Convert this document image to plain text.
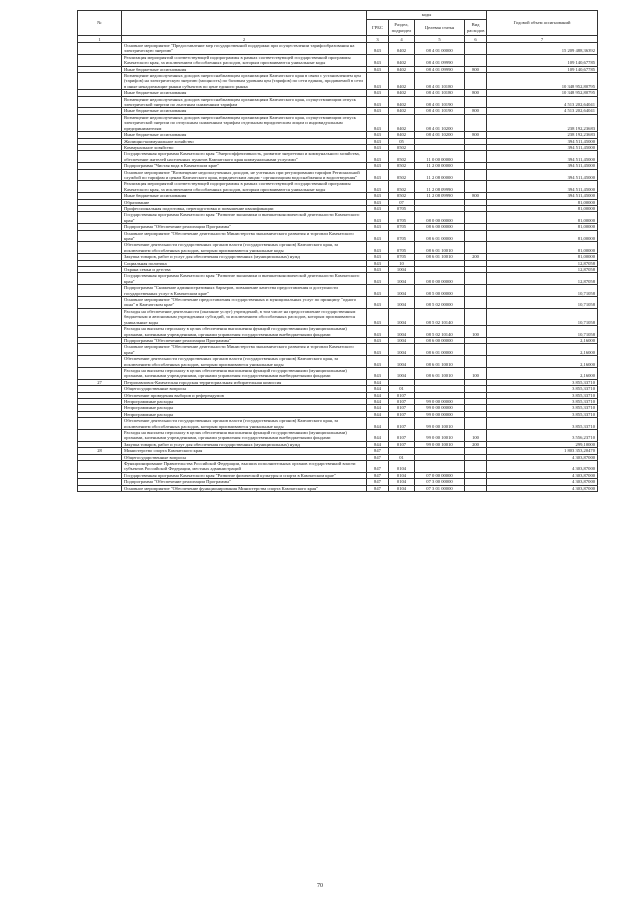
№		коды				Годовой объем ассигнований
		ГРБС	Раздел, подраздел	Целевая статья	Вид расходов	
1	2	3	4	5	6	7
	Основное мероприятие "Предоставление мер государственной поддержки при осуществлении тарифообразования на электрическую энергию"	843	0402	08 4 01 00000		15 209 488,36392
	Реализация мероприятий соответствующей подпрограммы в рамках соответствующей государственной программы Камчатского края, за исключением обособленных расходов, которым присваиваются уникальные коды	843	0402	08 4 01 09990		109 140,67785
	Иные бюджетные ассигнования	843	0402	08 4 01 09990	800	109 140,67785
	Возмещение недополученных доходов энергоснабжающим организациям Камчатского края в связи с установлением цен (тарифов) на электрическую энергию (мощность) по базовым уровням цен (тарифов) по сети единиц, продаваемой в сети в иные ненадлежащие рынки субъектов по цене единого рынка	843	0402	08 4 01 10180		10 348 952,80795
	Иные бюджетные ассигнования	843	0402	08 4 01 10180	800	10 348 952,80795
	Возмещение недополученных доходов энергоснабжающим организациям Камчатского края, осуществляющим отпуск электрической энергии по льготным сниженным тарифам	843	0402	08 4 01 10190		4 513 202,64041
	Иные бюджетные ассигнования	843	0402	08 4 01 10190	800	4 513 202,64041
	Возмещение недополученных доходов энергоснабжающим организациям Камчатского края, осуществляющим отпуск электрической энергии по отпускным сниженным тарифам отдельным юридическим лицам и индивидуальным предпринимателям	843	0402	08 4 01 10200		238 192,23683
	Иные бюджетные ассигнования	843	0402	08 4 01 10200	800	238 192,23683
	Жилищно-коммунальное хозяйство	843	05			394 511,45000
	Коммунальное хозяйство	843	0502			394 511,45000
	Государственная программа Камчатского края "Энергоэффективность, развитие энергетики и коммунального хозяйства, обеспечение жителей населенных пунктов Камчатского края коммунальными услугами"	843	0502	11 0 00 00000		394 511,45000
	Подпрограмма "Чистая вода в Камчатском крае"	843	0502	11 2 00 00000		394 511,45000
	Основное мероприятие "Возмещение недополученных доходов, не учтенных при регулировании тарифов Региональной службой по тарифам и ценам Камчатского края, юридическим лицам - организациям водоснабжения и водоотведения"	843	0502	11 2 08 00000		394 511,45000
	Реализация мероприятий соответствующей подпрограммы в рамках соответствующей государственной программы Камчатского края, за исключением обособленных расходов, которым присваиваются уникальные коды	843	0502	11 2 08 09990		394 511,45000
	Иные бюджетные ассигнования	843	0502	11 2 08 09990	800	394 511,45000
	Образование	843	07			81,00000
	Профессиональная подготовка, переподготовка и повышение квалификации	843	0705			81,00000
	Государственная программа Камчатского края "Развитие экономики и внешнеэкономической деятельности Камчатского края"	843	0705	08 0 00 00000		81,00000
	Подпрограмма "Обеспечение реализации Программы"	843	0705	08 6 00 00000		81,00000
	Основное мероприятие "Обеспечение деятельности Министерства экономического развития и торговли Камчатского края"	843	0705	08 6 01 00000		81,00000
	Обеспечение деятельности государственных органов власти (государственных органов) Камчатского края, за исключением обособленных расходов, которым присваиваются уникальные коды	843	0705	08 6 01 10010		81,00000
	Закупка товаров, работ и услуг для обеспечения государственных (муниципальных) нужд	843	0705	08 6 01 10010	200	81,00000
	Социальная политика	843	10			12,87058
	Охрана семьи и детства	843	1004			12,87058
	Государственная программа Камчатского края "Развитие экономики и внешнеэкономической деятельности Камчатского края"	843	1004	08 0 00 00000		12,87058
	Подпрограмма "Снижение административных барьеров, повышение качества предоставления и доступности государственных услуг в Камчатском крае"	843	1004	08 5 00 00000		10,71058
	Основное мероприятие "Обеспечение предоставления государственных и муниципальных услуг по принципу "одного окна" в Камчатском крае"	843	1004	08 5 02 00000		10,71058
	Расходы на обеспечение деятельности (оказание услуг) учреждений, в том числе на предоставление государственным бюджетным и автономным учреждениям субсидий, за исключением обособленных расходов, которым присваиваются уникальные коды	843	1004	08 5 02 10140		10,71058
	Расходы на выплаты персоналу в целях обеспечения выполнения функций государственными (муниципальными) органами, казенными учреждениями, органами управления государственными внебюджетными фондами	843	1004	08 5 02 10140	100	10,71058
	Подпрограмма "Обеспечение реализации Программы"	843	1004	08 6 00 00000		2,16000
	Основное мероприятие "Обеспечение деятельности Министерства экономического развития и торговли Камчатского края"	843	1004	08 6 01 00000		2,16000
	Обеспечение деятельности государственных органов власти (государственных органов) Камчатского края, за исключением обособленных расходов, которым присваиваются уникальные коды	843	1004	08 6 01 10010		2,16000
	Расходы на выплаты персоналу в целях обеспечения выполнения функций государственными (муниципальными) органами, казенными учреждениями, органами управления государственными внебюджетными фондами	843	1004	08 6 01 10010	100	2,16000
27	Петропавловск-Камчатская городская территориальная избирательная комиссия	844				3 855,33710
	Общегосударственные вопросы	844	01			3 855,33710
	Обеспечение проведения выборов и референдумов	844	0107			3 855,33710
	Непрограммные расходы	844	0107	99 0 00 00000		3 855,33710
	Непрограммные расходы	844	0107	99 0 00 00000		3 855,33710
	Непрограммные расходы	844	0107	99 0 00 00000		3 855,33710
	Обеспечение деятельности государственных органов власти (государственных органов) Камчатского края, за исключением обособленных расходов, которым присваиваются уникальные коды	844	0107	99 0 00 10010		3 855,33710
	Расходы на выплаты персоналу в целях обеспечения выполнения функций государственными (муниципальными) органами, казенными учреждениями, органами управления государственными внебюджетными фондами	844	0107	99 0 00 10010	100	3 556,23710
	Закупка товаров, работ и услуг для обеспечения государственных (муниципальных) нужд	844	0107	99 0 00 10010	200	299,10000
28	Министерство спорта Камчатского края	847				1 803 353,20470
	Общегосударственные вопросы	847	01			4 303,87000
	Функционирование Правительства Российской Федерации, высших исполнительных органов государственной власти субъектов Российской Федерации, местных администраций	847	0104			4 303,87000
	Государственная программа Камчатского края "Развитие физической культуры и спорта в Камчатском крае"	847	0104	07 0 00 00000		4 303,87000
	Подпрограмма "Обеспечение реализации Программы"	847	0104	07 3 00 00000		4 303,87000
	Основное мероприятие "Обеспечение функционирования Министерства спорта Камчатского края"	847	0104	07 3 01 00000		4 303,87000
70
